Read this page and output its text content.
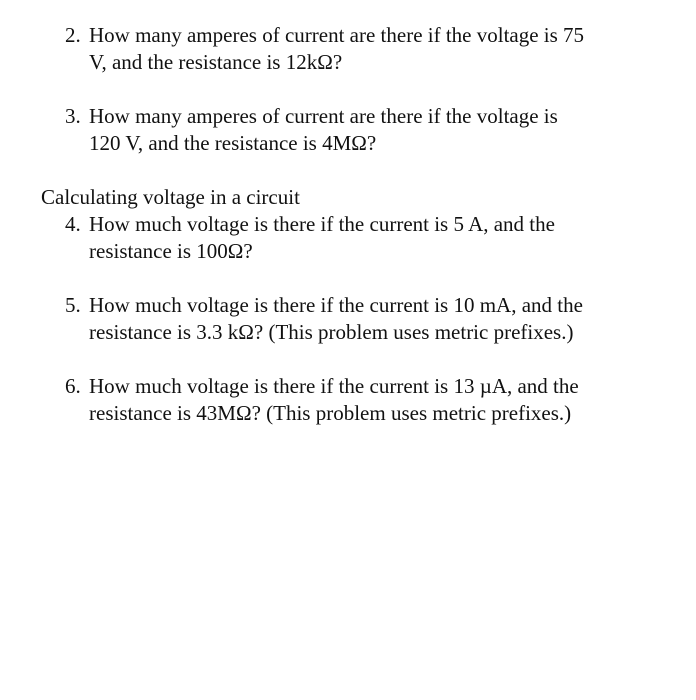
2. How many amperes of current are there if the voltage is 75
V, and the resistance is 12kΩ?
3. How many amperes of current are there if the voltage is
120 V, and the resistance is 4MΩ?
Calculating voltage in a circuit
4. How much voltage is there if the current is 5 A, and the
resistance is 100Ω?
5. How much voltage is there if the current is 10 mA, and the
resistance is 3.3 kΩ? (This problem uses metric prefixes.)
6. How much voltage is there if the current is 13 µA, and the
resistance is 43MΩ? (This problem uses metric prefixes.)
